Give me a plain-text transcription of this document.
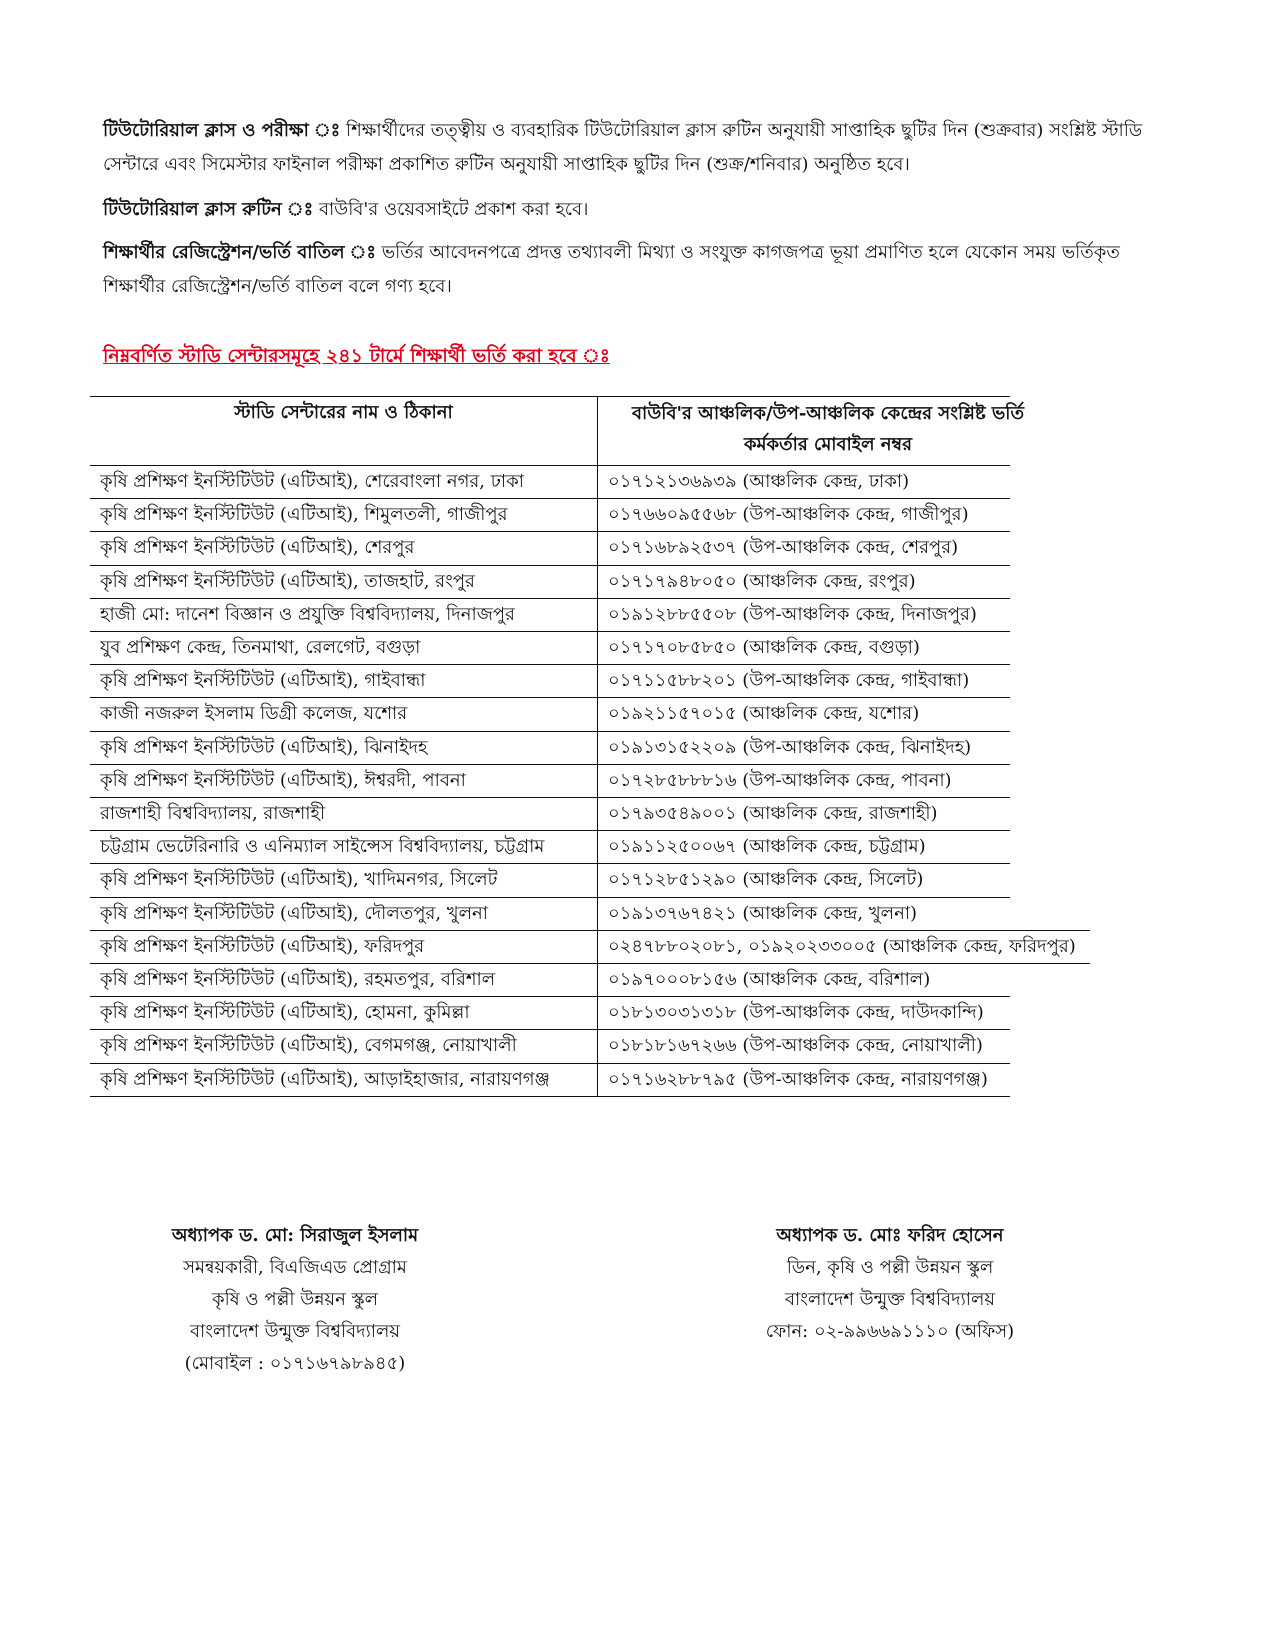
টিউটোরিয়াল ক্লাস ও পরীক্ষা ঃ শিক্ষার্থীদের তত্ত্বীয় ও ব্যবহারিক টিউটোরিয়াল ক্লাস রুটিন অনুযায়ী সাপ্তাহিক ছুটির দিন (শুক্রবার) সংশ্লিষ্ট স্টাডি সেন্টারে এবং সিমেস্টার ফাইনাল পরীক্ষা প্রকাশিত রুটিন অনুযায়ী সাপ্তাহিক ছুটির দিন (শুক্র/শনিবার) অনুষ্ঠিত হবে।

টিউটোরিয়াল ক্লাস রুটিন ঃ বাউবি'র ওয়েবসাইটে প্রকাশ করা হবে।

শিক্ষার্থীর রেজিস্ট্রেশন/ভর্তি বাতিল ঃ ভর্তির আবেদনপত্রে প্রদত্ত তথ্যাবলী মিথ্যা ও সংযুক্ত কাগজপত্র ভূয়া প্রমাণিত হলে যেকোন সময় ভর্তিকৃত শিক্ষার্থীর রেজিস্ট্রেশন/ভর্তি বাতিল বলে গণ্য হবে।

নিম্নবর্ণিত স্টাডি সেন্টারসমূহে ২৪১ টার্মে শিক্ষার্থী ভর্তি করা হবে ঃ

স্টাডি সেন্টারের নাম ও ঠিকানা	বাউবি'র আঞ্চলিক/উপ-আঞ্চলিক কেন্দ্রের সংশ্লিষ্ট ভর্তি
কর্মকর্তার মোবাইল নম্বর
কৃষি প্রশিক্ষণ ইনস্টিটিউট (এটিআই), শেরেবাংলা নগর, ঢাকা	০১৭১২১৩৬৯৩৯ (আঞ্চলিক কেন্দ্র, ঢাকা)
কৃষি প্রশিক্ষণ ইনস্টিটিউট (এটিআই), শিমুলতলী, গাজীপুর	০১৭৬৬০৯৫৫৬৮ (উপ-আঞ্চলিক কেন্দ্র, গাজীপুর)
কৃষি প্রশিক্ষণ ইনস্টিটিউট (এটিআই), শেরপুর	০১৭১৬৮৯২৫৩৭ (উপ-আঞ্চলিক কেন্দ্র, শেরপুর)
কৃষি প্রশিক্ষণ ইনস্টিটিউট (এটিআই), তাজহাট, রংপুর	০১৭১৭৯৪৮০৫০ (আঞ্চলিক কেন্দ্র, রংপুর)
হাজী মো: দানেশ বিজ্ঞান ও প্রযুক্তি বিশ্ববিদ্যালয়, দিনাজপুর	০১৯১২৮৮৫৫০৮ (উপ-আঞ্চলিক কেন্দ্র, দিনাজপুর)
যুব প্রশিক্ষণ কেন্দ্র, তিনমাথা, রেলগেট, বগুড়া	০১৭১৭০৮৫৮৫০ (আঞ্চলিক কেন্দ্র, বগুড়া)
কৃষি প্রশিক্ষণ ইনস্টিটিউট (এটিআই), গাইবান্ধা	০১৭১১৫৮৮২০১ (উপ-আঞ্চলিক কেন্দ্র, গাইবান্ধা)
কাজী নজরুল ইসলাম ডিগ্রী কলেজ, যশোর	০১৯২১১৫৭০১৫ (আঞ্চলিক কেন্দ্র, যশোর)
কৃষি প্রশিক্ষণ ইনস্টিটিউট (এটিআই), ঝিনাইদহ	০১৯১৩১৫২২০৯ (উপ-আঞ্চলিক কেন্দ্র, ঝিনাইদহ)
কৃষি প্রশিক্ষণ ইনস্টিটিউট (এটিআই), ঈশ্বরদী, পাবনা	০১৭২৮৫৮৮৮১৬ (উপ-আঞ্চলিক কেন্দ্র, পাবনা)
রাজশাহী বিশ্ববিদ্যালয়, রাজশাহী	০১৭৯৩৫৪৯০০১ (আঞ্চলিক কেন্দ্র, রাজশাহী)
চট্টগ্রাম ভেটেরিনারি ও এনিম্যাল সাইন্সেস বিশ্ববিদ্যালয়, চট্টগ্রাম	০১৯১১২৫০০৬৭ (আঞ্চলিক কেন্দ্র, চট্টগ্রাম)
কৃষি প্রশিক্ষণ ইনস্টিটিউট (এটিআই), খাদিমনগর, সিলেট	০১৭১২৮৫১২৯০ (আঞ্চলিক কেন্দ্র, সিলেট)
কৃষি প্রশিক্ষণ ইনস্টিটিউট (এটিআই), দৌলতপুর, খুলনা	০১৯১৩৭৬৭৪২১ (আঞ্চলিক কেন্দ্র, খুলনা)
কৃষি প্রশিক্ষণ ইনস্টিটিউট (এটিআই), ফরিদপুর	০২৪৭৮৮০২০৮১, ০১৯২০২৩৩০০৫ (আঞ্চলিক কেন্দ্র, ফরিদপুর)
কৃষি প্রশিক্ষণ ইনস্টিটিউট (এটিআই), রহমতপুর, বরিশাল	০১৯৭০০০৮১৫৬ (আঞ্চলিক কেন্দ্র, বরিশাল)
কৃষি প্রশিক্ষণ ইনস্টিটিউট (এটিআই), হোমনা, কুমিল্লা	০১৮১৩০৩১৩১৮ (উপ-আঞ্চলিক কেন্দ্র, দাউদকান্দি)
কৃষি প্রশিক্ষণ ইনস্টিটিউট (এটিআই), বেগমগঞ্জ, নোয়াখালী	০১৮১৮১৬৭২৬৬ (উপ-আঞ্চলিক কেন্দ্র, নোয়াখালী)
কৃষি প্রশিক্ষণ ইনস্টিটিউট (এটিআই), আড়াইহাজার, নারায়ণগঞ্জ	০১৭১৬২৮৮৭৯৫ (উপ-আঞ্চলিক কেন্দ্র, নারায়ণগঞ্জ)
অধ্যাপক ড. মো: সিরাজুল ইসলাম
সমন্বয়কারী, বিএজিএড প্রোগ্রাম
কৃষি ও পল্লী উন্নয়ন স্কুল
বাংলাদেশ উন্মুক্ত বিশ্ববিদ্যালয়
(মোবাইল : ০১৭১৬৭৯৮৯৪৫)
অধ্যাপক ড. মোঃ ফরিদ হোসেন
ডিন, কৃষি ও পল্লী উন্নয়ন স্কুল
বাংলাদেশ উন্মুক্ত বিশ্ববিদ্যালয়
ফোন: ০২-৯৯৬৬৯১১১০ (অফিস)
